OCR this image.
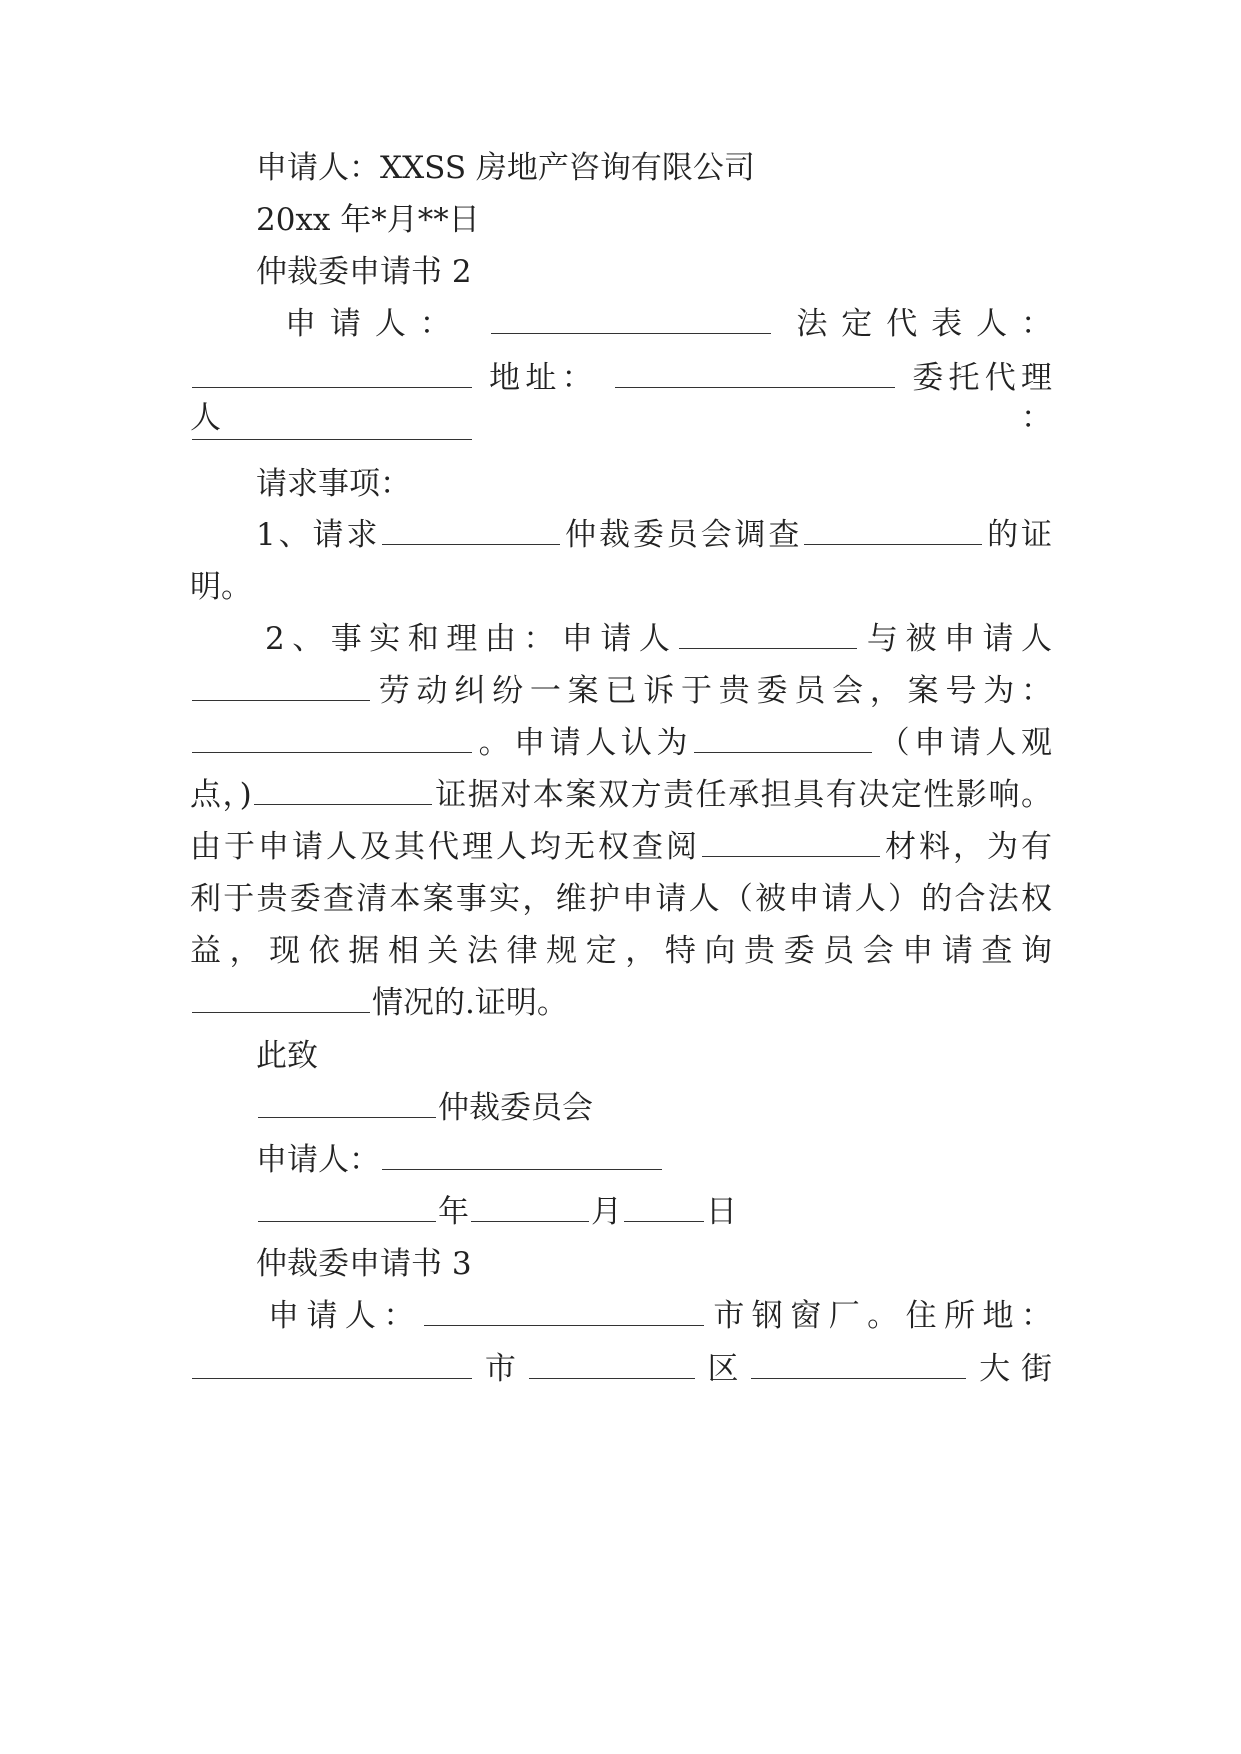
申请人：XXSS 房地产咨询有限公司
20xx 年*月**日
仲裁委申请书 2
申请人：	法定代表人：
地址：	委托代理人：
请求事项：
1、请求	仲裁委员会调查	的证
明。
2、事实和理由：申请人	与被申请人
劳动纠纷一案已诉于贵委员会，案号为：
。申请人认为	（申请人观
点，)	证据对本案双方责任承担具有决定性影响。
由于申请人及其代理人均无权查阅	材料，为有
利于贵委查清本案事实，维护申请人（被申请人）的合法权
益，现依据相关法律规定，特向贵委员会申请查询
情况的.证明。
此致
仲裁委员会
申请人：
年	月	日
仲裁委申请书 3
申请人：	市钢窗厂。住所地：
市	区	大街
